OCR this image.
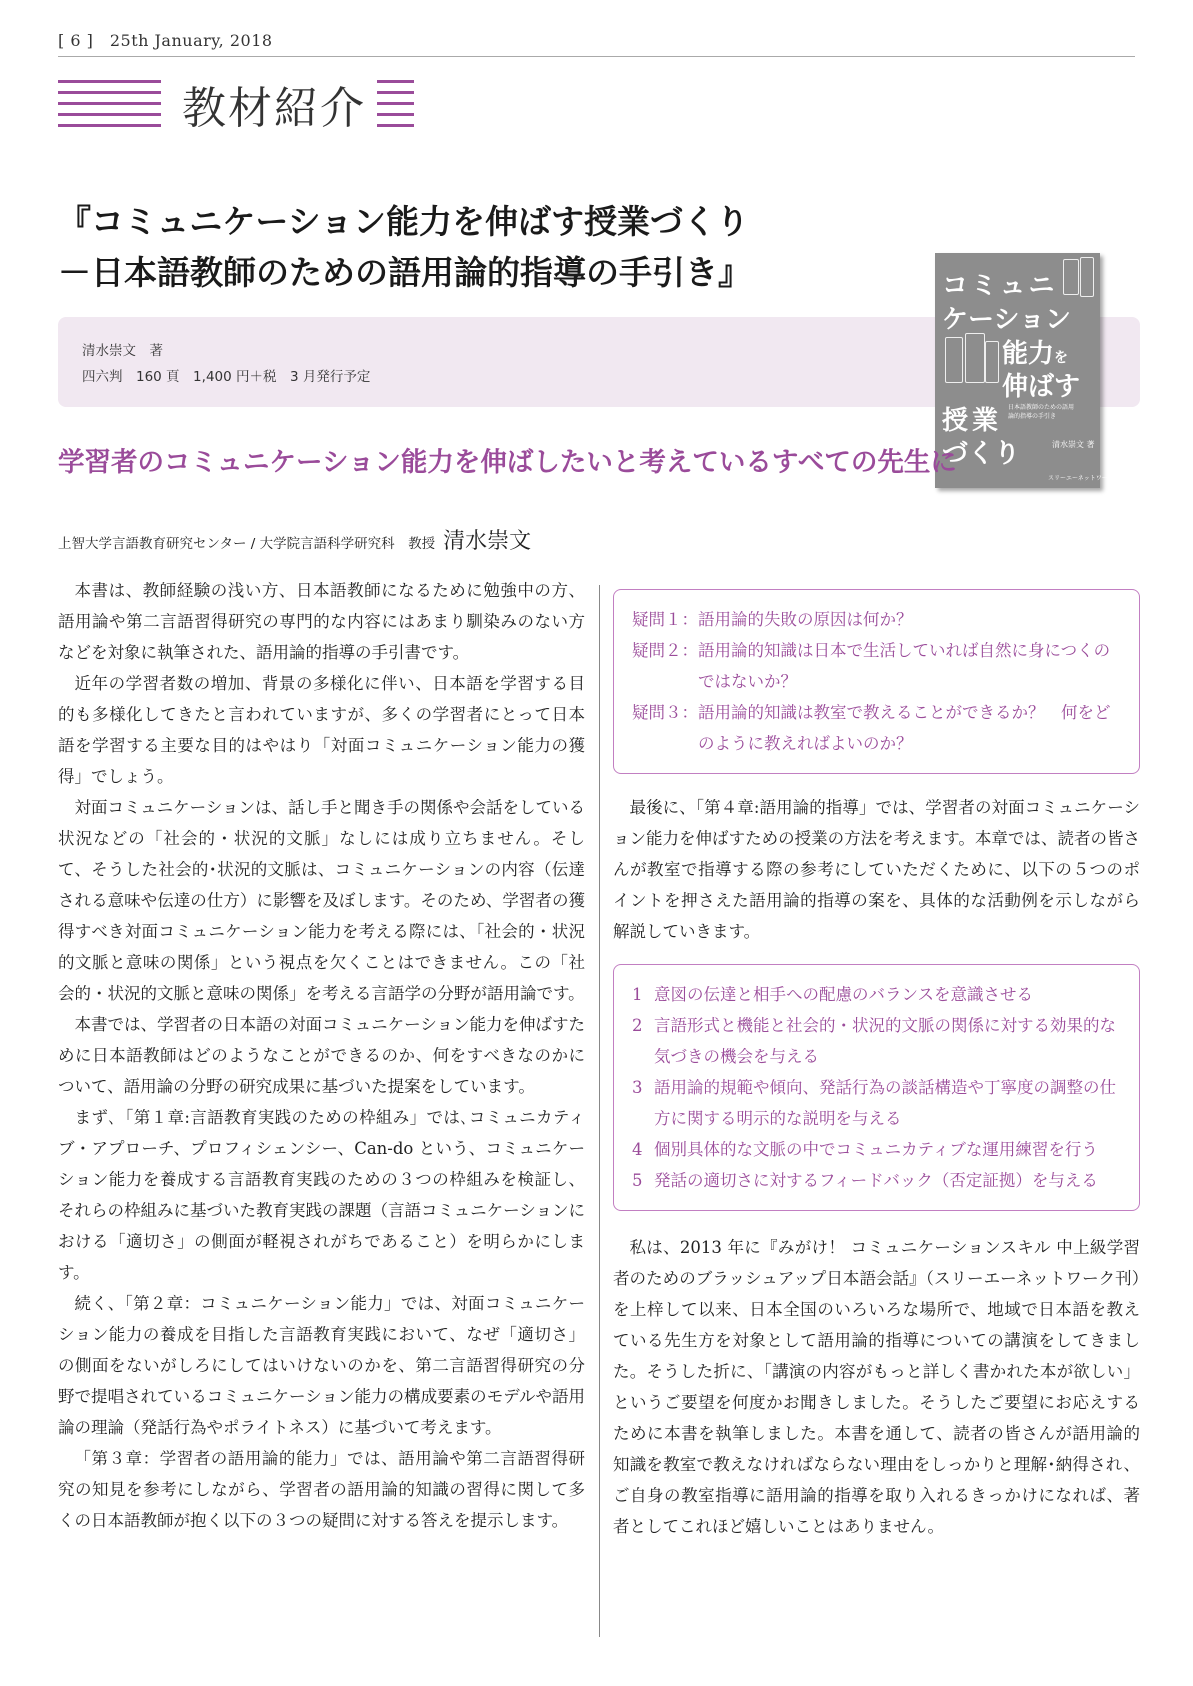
[ 6 ]　25th January, 2018
教材紹介
『コミュニケーション能力を伸ばす授業づくり
－日本語教師のための語用論的指導の手引き』
清水崇文　著
四六判　160 頁　1,400 円＋税　3 月発行予定
コミュニ
ケーション
能力を
伸ばす
授業
づくり
日本語教師のための語用論的指導の手引き
清水崇文 著
スリーエーネットワーク
学習者のコミュニケーション能力を伸ばしたいと考えているすべての先生に
上智大学言語教育研究センター / 大学院言語科学研究科　教授 清水崇文

本書は、教師経験の浅い方、日本語教師になるために勉強中の方、語用論や第二言語習得研究の専門的な内容にはあまり馴染みのない方などを対象に執筆された、語用論的指導の手引書です。

近年の学習者数の増加、背景の多様化に伴い、日本語を学習する目的も多様化してきたと言われていますが、多くの学習者にとって日本語を学習する主要な目的はやはり「対面コミュニケーション能力の獲得」でしょう。

対面コミュニケーションは、話し手と聞き手の関係や会話をしている状況などの「社会的・状況的文脈」なしには成り立ちません。そして、そうした社会的･状況的文脈は、コミュニケーションの内容（伝達される意味や伝達の仕方）に影響を及ぼします。そのため、学習者の獲得すべき対面コミュニケーション能力を考える際には、「社会的・状況的文脈と意味の関係」という視点を欠くことはできません。この「社会的・状況的文脈と意味の関係」を考える言語学の分野が語用論です。

本書では、学習者の日本語の対面コミュニケーション能力を伸ばすために日本語教師はどのようなことができるのか、何をすべきなのかについて、語用論の分野の研究成果に基づいた提案をしています。

まず､「第１章:言語教育実践のための枠組み」では､コミュニカティブ・アプローチ、プロフィシェンシー、Can-do という、コミュニケーション能力を養成する言語教育実践のための３つの枠組みを検証し、それらの枠組みに基づいた教育実践の課題（言語コミュニケーションにおける「適切さ」の側面が軽視されがちであること）を明らかにします。

続く、「第２章：コミュニケーション能力」では、対面コミュニケーション能力の養成を目指した言語教育実践において、なぜ「適切さ」の側面をないがしろにしてはいけないのかを、第二言語習得研究の分野で提唱されているコミュニケーション能力の構成要素のモデルや語用論の理論（発話行為やポライトネス）に基づいて考えます。

「第３章：学習者の語用論的能力」では、語用論や第二言語習得研究の知見を参考にしながら、学習者の語用論的知識の習得に関して多くの日本語教師が抱く以下の３つの疑問に対する答えを提示します。

疑問１： 語用論的失敗の原因は何か？
疑問２： 語用論的知識は日本で生活していれば自然に身につくのではないか？
疑問３： 語用論的知識は教室で教えることができるか？　何をどのように教えればよいのか？

最後に、「第４章:語用論的指導」では、学習者の対面コミュニケーション能力を伸ばすための授業の方法を考えます。本章では、読者の皆さんが教室で指導する際の参考にしていただくために、以下の５つのポイントを押さえた語用論的指導の案を、具体的な活動例を示しながら解説していきます。

1 意図の伝達と相手への配慮のバランスを意識させる
2 言語形式と機能と社会的・状況的文脈の関係に対する効果的な気づきの機会を与える
3 語用論的規範や傾向、発話行為の談話構造や丁寧度の調整の仕方に関する明示的な説明を与える
4 個別具体的な文脈の中でコミュニカティブな運用練習を行う
5 発話の適切さに対するフィードバック（否定証拠）を与える

私は、2013 年に『みがけ！ コミュニケーションスキル 中上級学習者のためのブラッシュアップ日本語会話』（スリーエーネットワーク刊）を上梓して以来、日本全国のいろいろな場所で、地域で日本語を教えている先生方を対象として語用論的指導についての講演をしてきました。そうした折に、「講演の内容がもっと詳しく書かれた本が欲しい」というご要望を何度かお聞きしました。そうしたご要望にお応えするために本書を執筆しました。本書を通して、読者の皆さんが語用論的知識を教室で教えなければならない理由をしっかりと理解･納得され、ご自身の教室指導に語用論的指導を取り入れるきっかけになれば、著者としてこれほど嬉しいことはありません。
